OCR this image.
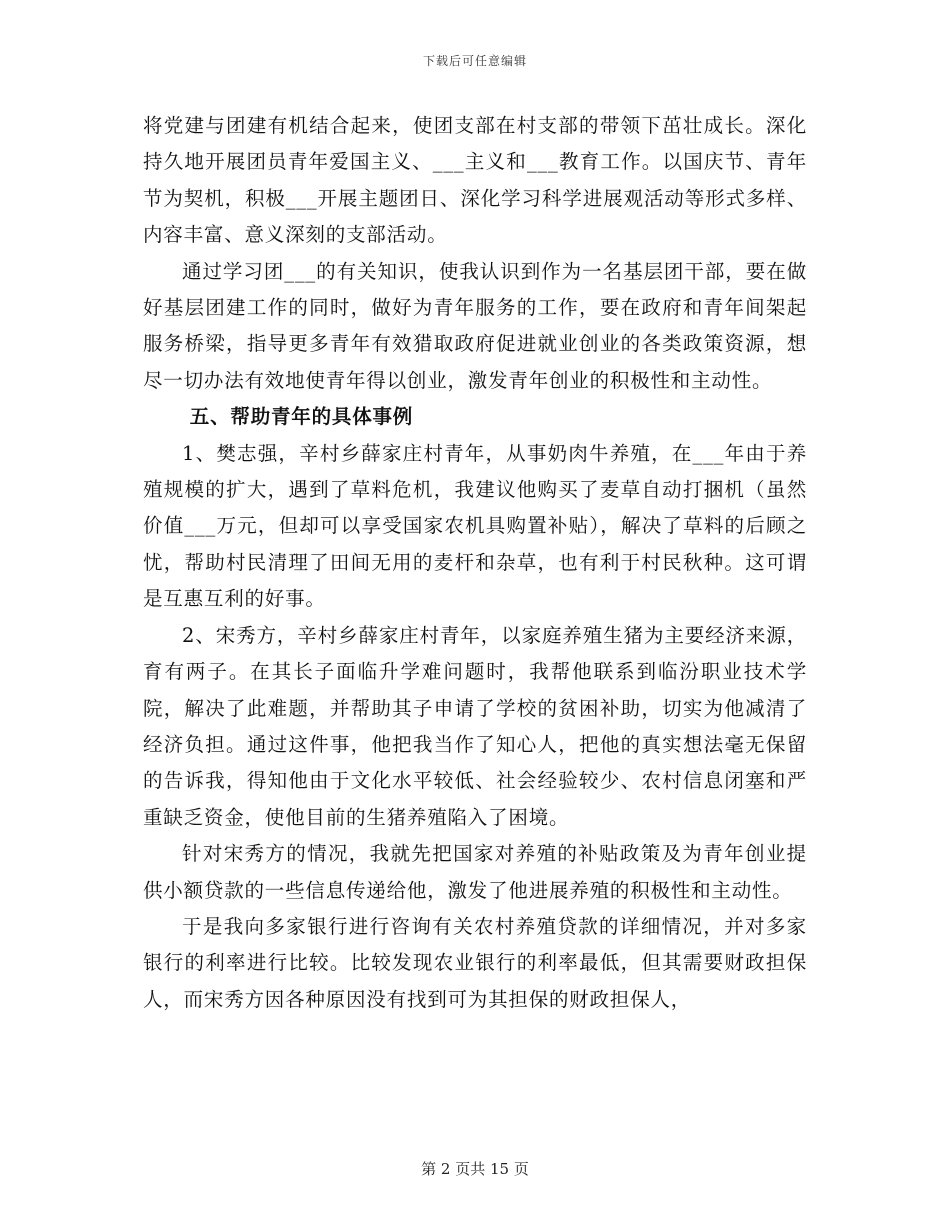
下载后可任意编辑

将党建与团建有机结合起来，使团支部在村支部的带领下茁壮成长。深化持久地开展团员青年爱国主义、___主义和___教育工作。以国庆节、青年节为契机，积极___开展主题团日、深化学习科学进展观活动等形式多样、内容丰富、意义深刻的支部活动。

通过学习团___的有关知识，使我认识到作为一名基层团干部，要在做好基层团建工作的同时，做好为青年服务的工作，要在政府和青年间架起服务桥梁，指导更多青年有效猎取政府促进就业创业的各类政策资源，想尽一切办法有效地使青年得以创业，激发青年创业的积极性和主动性。

五、帮助青年的具体事例

1、樊志强，辛村乡薛家庄村青年，从事奶肉牛养殖，在___年由于养殖规模的扩大，遇到了草料危机，我建议他购买了麦草自动打捆机（虽然价值___万元，但却可以享受国家农机具购置补贴），解决了草料的后顾之忧，帮助村民清理了田间无用的麦杆和杂草，也有利于村民秋种。这可谓是互惠互利的好事。

2、宋秀方，辛村乡薛家庄村青年，以家庭养殖生猪为主要经济来源，育有两子。在其长子面临升学难问题时，我帮他联系到临汾职业技术学院，解决了此难题，并帮助其子申请了学校的贫困补助，切实为他减清了经济负担。通过这件事，他把我当作了知心人，把他的真实想法毫无保留的告诉我，得知他由于文化水平较低、社会经验较少、农村信息闭塞和严重缺乏资金，使他目前的生猪养殖陷入了困境。

针对宋秀方的情况，我就先把国家对养殖的补贴政策及为青年创业提供小额贷款的一些信息传递给他，激发了他进展养殖的积极性和主动性。

于是我向多家银行进行咨询有关农村养殖贷款的详细情况，并对多家银行的利率进行比较。比较发现农业银行的利率最低，但其需要财政担保人，而宋秀方因各种原因没有找到可为其担保的财政担保人，

第 2 页共 15 页
